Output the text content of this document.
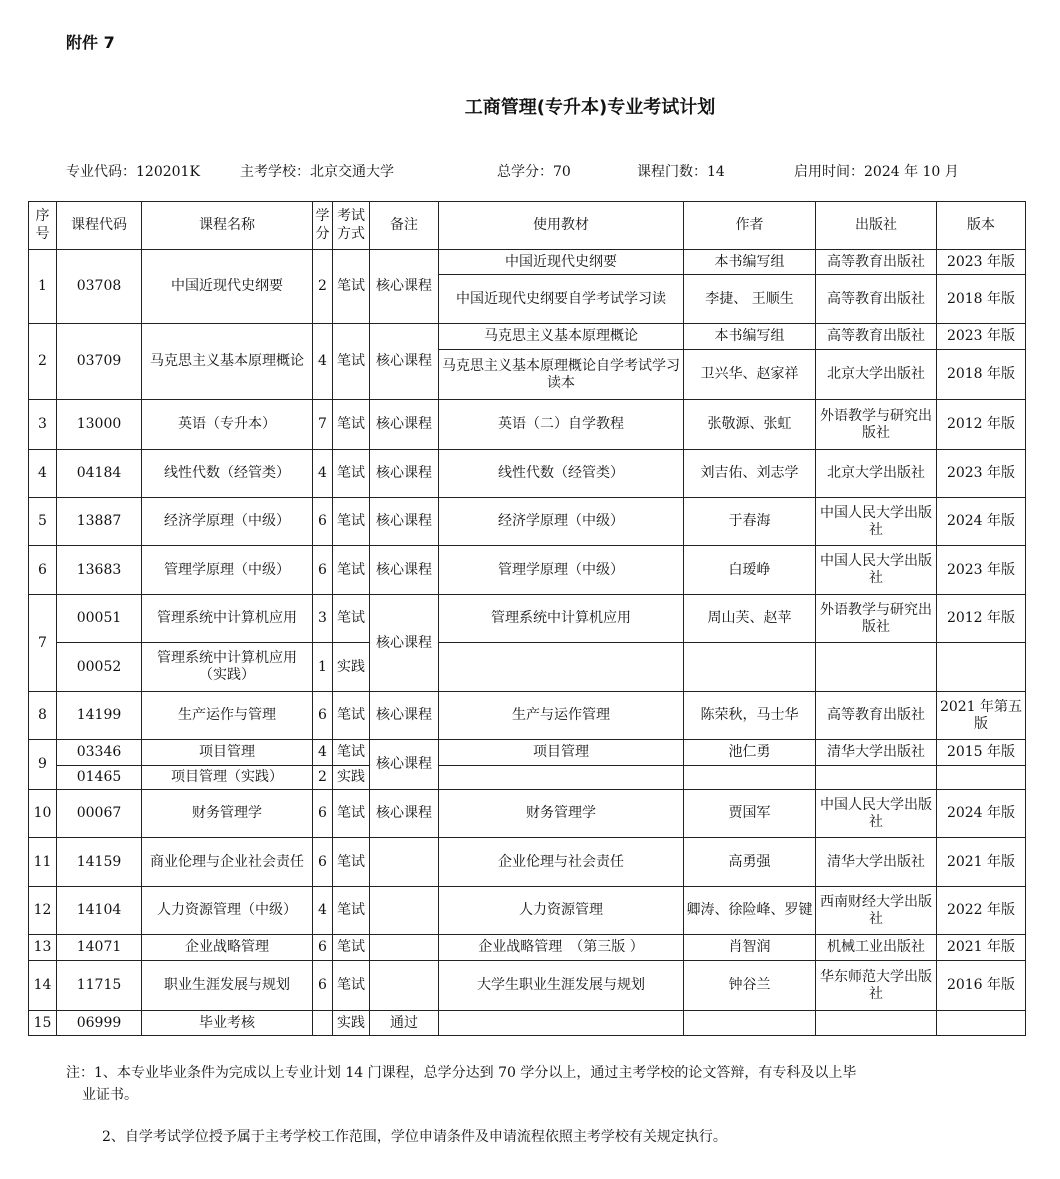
附件 7
工商管理(专升本)专业考试计划
专业代码：120201K	主考学校：北京交通大学	总学分：70	课程门数：14	启用时间：2024 年 10 月
序号	课程代码	课程名称	学分	考试方式	备注	使用教材	作者	出版社	版本
1	03708	中国近现代史纲要	2	笔试	核心课程	中国近现代史纲要	本书编写组	高等教育出版社	2023 年版
						中国近现代史纲要自学考试学习读	李捷、 王顺生	高等教育出版社	2018 年版
2	03709	马克思主义基本原理概论	4	笔试	核心课程	马克思主义基本原理概论	本书编写组	高等教育出版社	2023 年版
						马克思主义基本原理概论自学考试学习读本	卫兴华、赵家祥	北京大学出版社	2018 年版
3	13000	英语（专升本）	7	笔试	核心课程	英语（二）自学教程	张敬源、张虹	外语教学与研究出版社	2012 年版
4	04184	线性代数（经管类）	4	笔试	核心课程	线性代数（经管类）	刘吉佑、刘志学	北京大学出版社	2023 年版
5	13887	经济学原理（中级）	6	笔试	核心课程	经济学原理（中级）	于春海	中国人民大学出版社	2024 年版
6	13683	管理学原理（中级）	6	笔试	核心课程	管理学原理（中级）	白瑷峥	中国人民大学出版社	2023 年版
7	00051	管理系统中计算机应用	3	笔试	核心课程	管理系统中计算机应用	周山芙、赵苹	外语教学与研究出版社	2012 年版
	00052	管理系统中计算机应用（实践）	1	实践					
8	14199	生产运作与管理	6	笔试	核心课程	生产与运作管理	陈荣秋，马士华	高等教育出版社	2021 年第五版
9	03346	项目管理	4	笔试	核心课程	项目管理	池仁勇	清华大学出版社	2015 年版
	01465	项目管理（实践）	2	实践					
10	00067	财务管理学	6	笔试	核心课程	财务管理学	贾国军	中国人民大学出版社	2024 年版
11	14159	商业伦理与企业社会责任	6	笔试		企业伦理与社会责任	高勇强	清华大学出版社	2021 年版
12	14104	人力资源管理（中级）	4	笔试		人力资源管理	卿涛、徐险峰、罗键	西南财经大学出版社	2022 年版
13	14071	企业战略管理	6	笔试		企业战略管理　（第三版 ）	肖智润	机械工业出版社	2021 年版
14	11715	职业生涯发展与规划	6	笔试		大学生职业生涯发展与规划	钟谷兰	华东师范大学出版社	2016 年版
15	06999	毕业考核		实践	通过				
注：1、本专业毕业条件为完成以上专业计划 14 门课程，总学分达到 70 学分以上，通过主考学校的论文答辩，有专科及以上毕
业证书。
2、自学考试学位授予属于主考学校工作范围，学位申请条件及申请流程依照主考学校有关规定执行。
